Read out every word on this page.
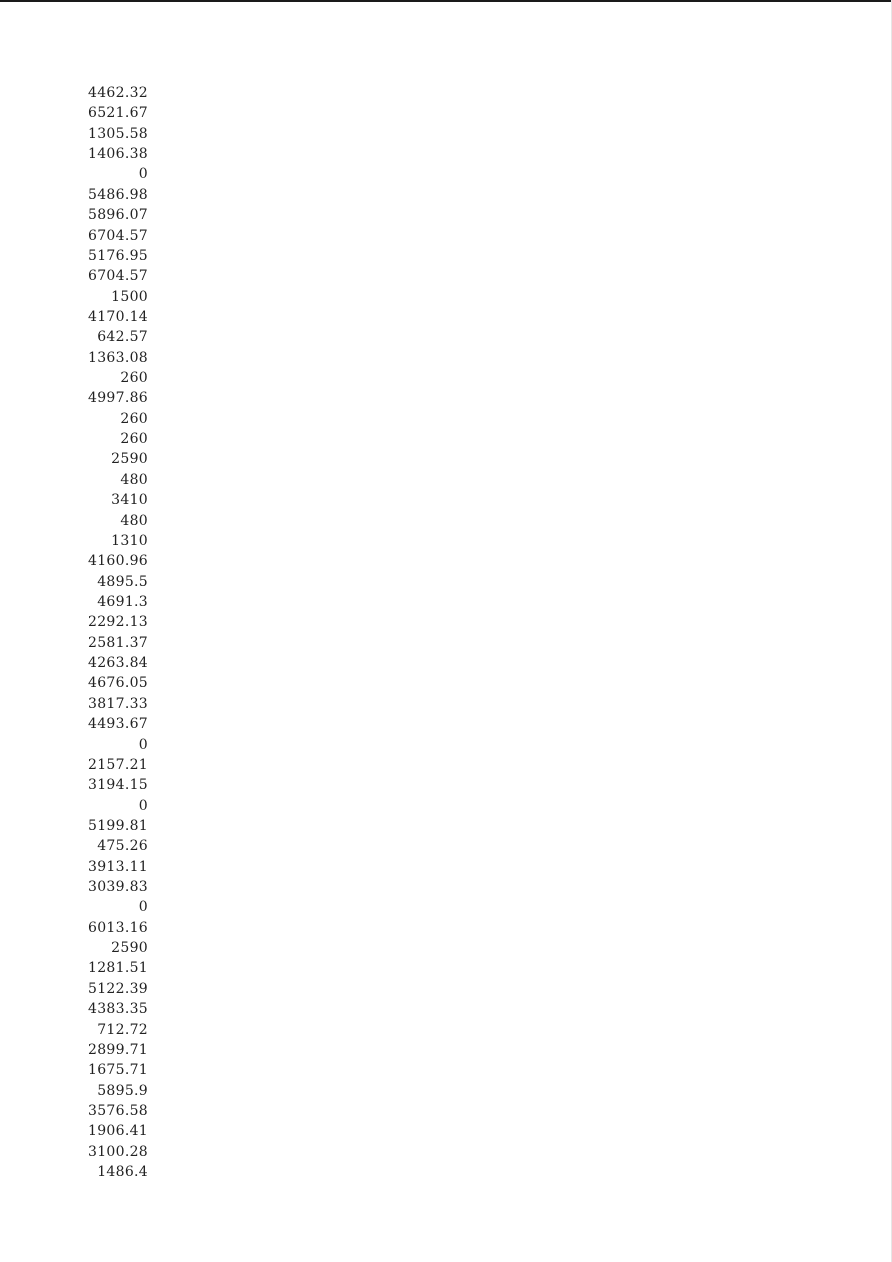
4462.32
6521.67
1305.58
1406.38
0
5486.98
5896.07
6704.57
5176.95
6704.57
1500
4170.14
642.57
1363.08
260
4997.86
260
260
2590
480
3410
480
1310
4160.96
4895.5
4691.3
2292.13
2581.37
4263.84
4676.05
3817.33
4493.67
0
2157.21
3194.15
0
5199.81
475.26
3913.11
3039.83
0
6013.16
2590
1281.51
5122.39
4383.35
712.72
2899.71
1675.71
5895.9
3576.58
1906.41
3100.28
1486.4
